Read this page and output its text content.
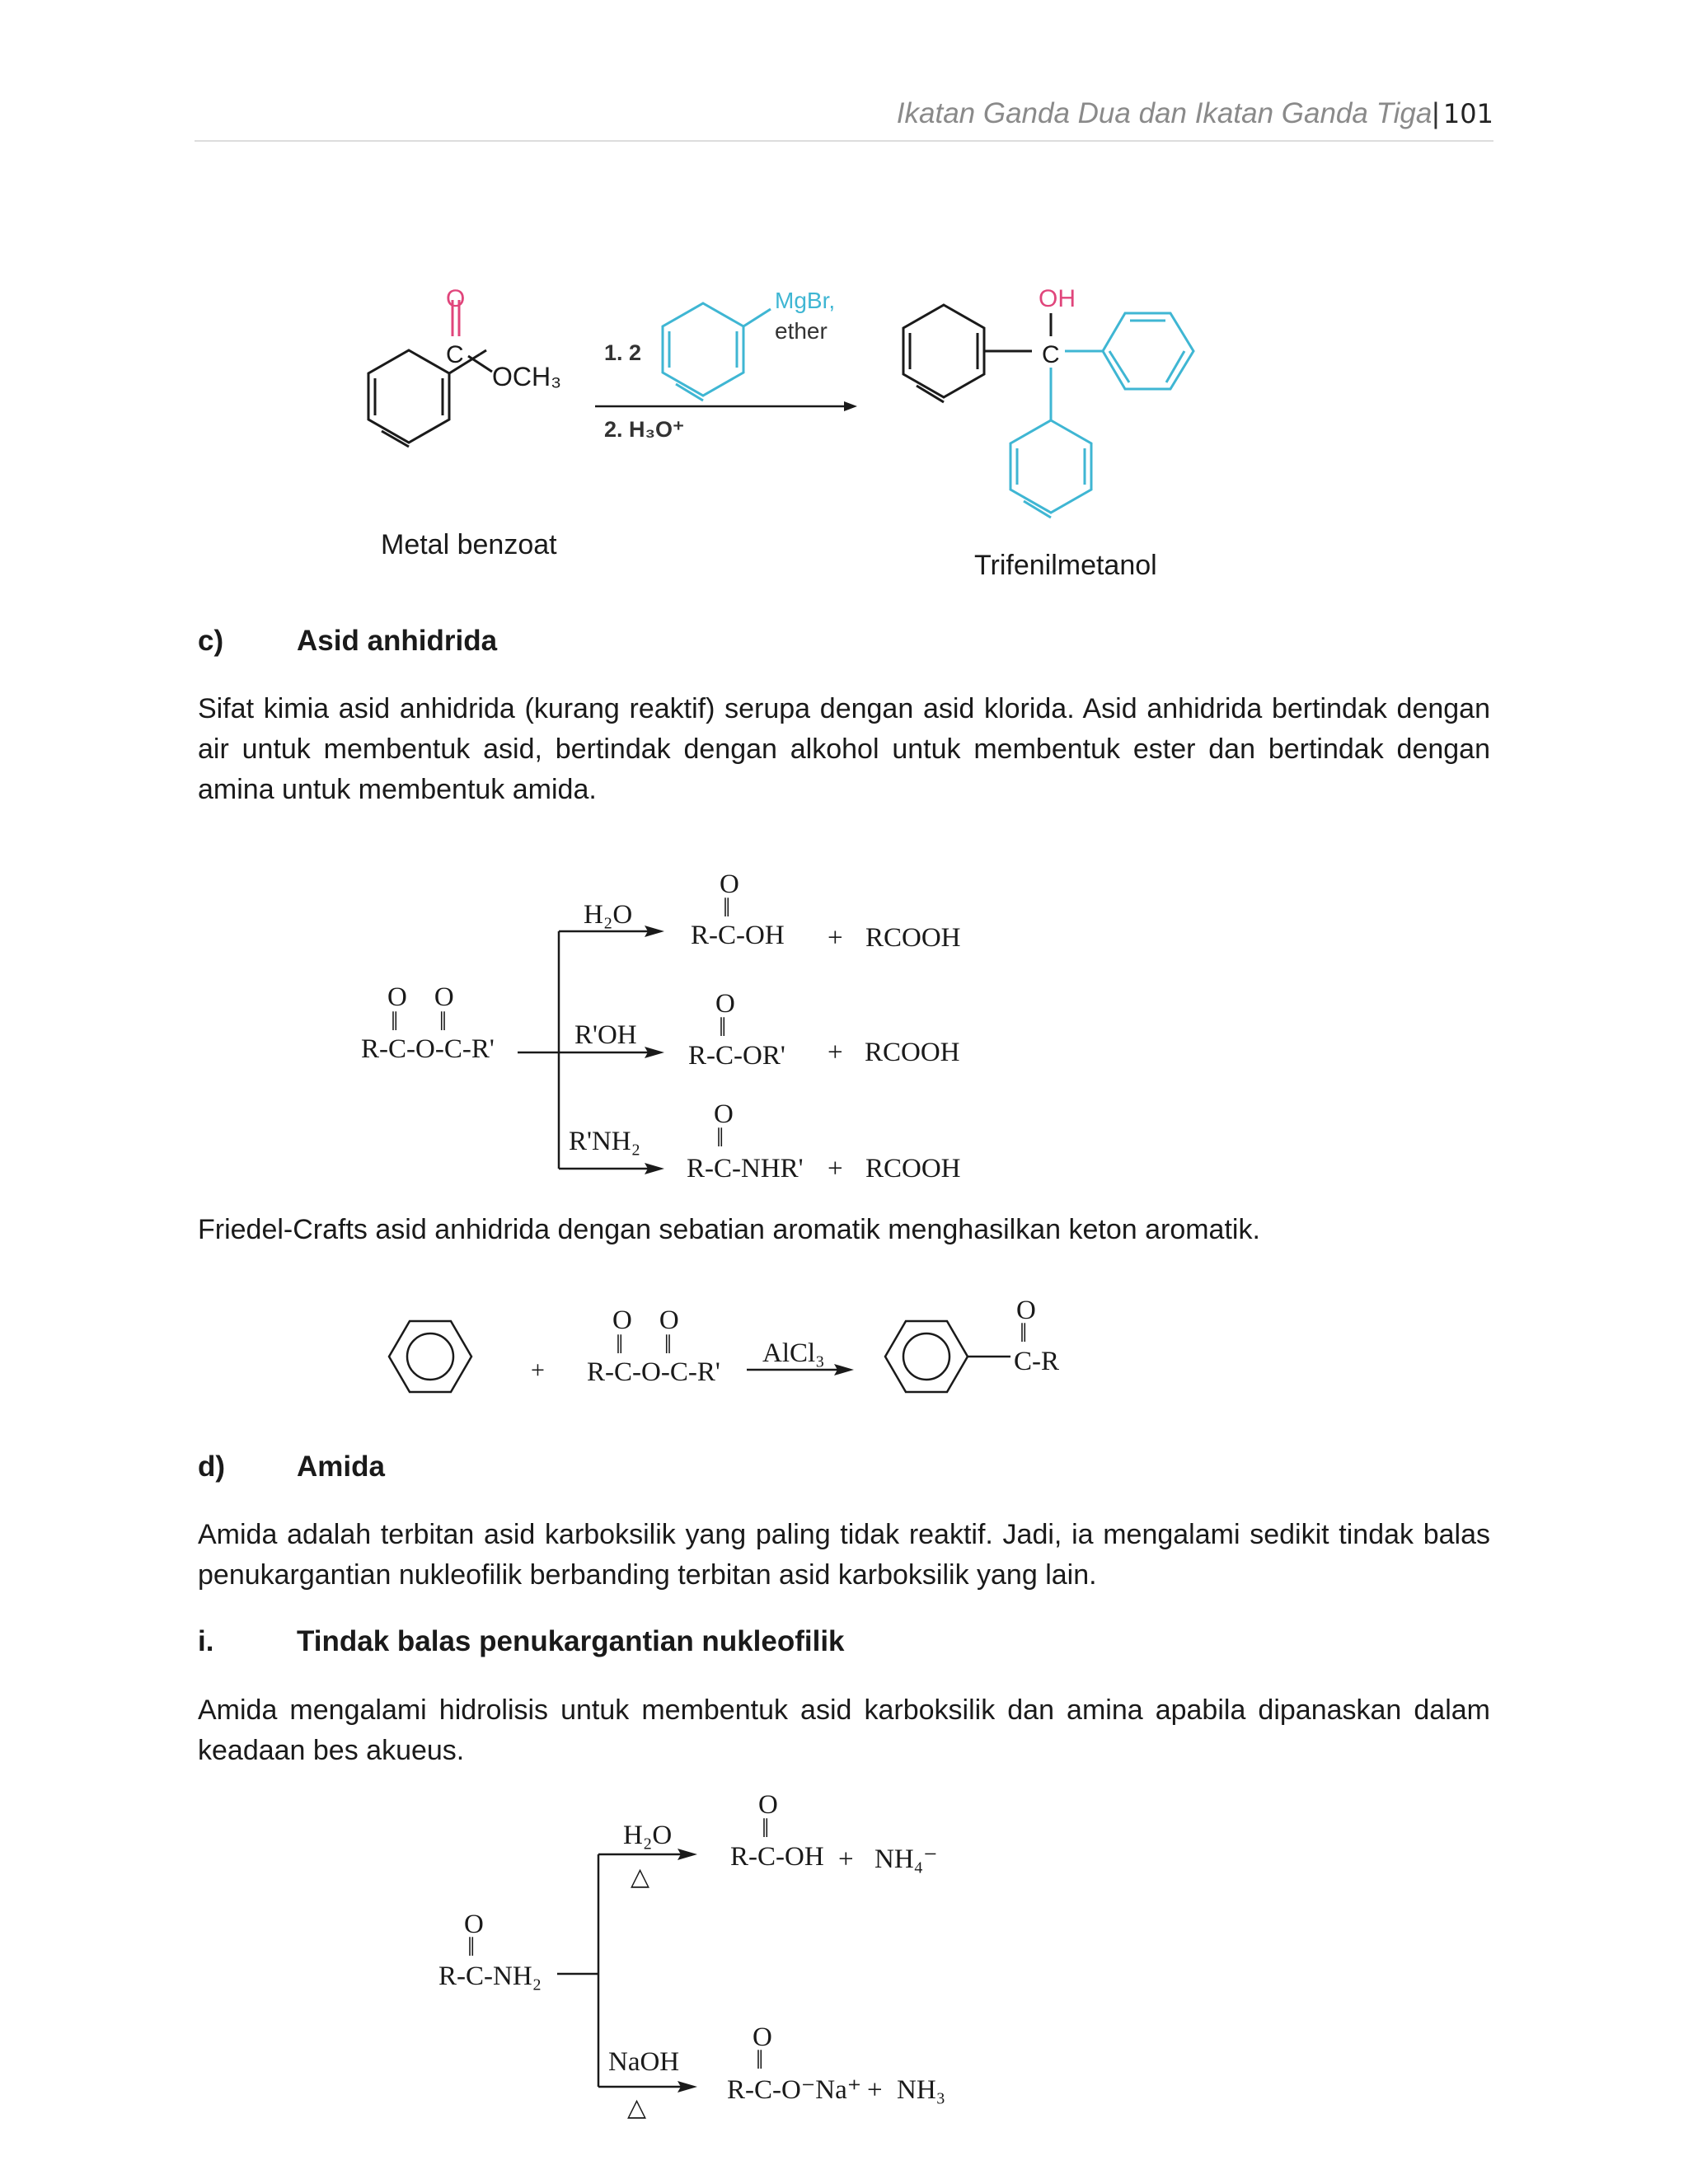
Ikatan Ganda Dua dan Ikatan Ganda Tiga| 101
O
C
OCH₃
1. 2
MgBr,
ether
2. H₃O⁺
OH
C
Metal benzoat
Trifenilmetanol
c)	Asid anhidrida
Sifat kimia asid anhidrida (kurang reaktif) serupa dengan asid klorida. Asid anhidrida bertindak dengan air untuk membentuk asid, bertindak dengan alkohol untuk membentuk ester dan bertindak dengan amina untuk membentuk amida.
O    O
‖      ‖
R-C-O-C-R'
H₂O
O
‖
R-C-OH + RCOOH
R'OH
O
‖
R-C-OR' + RCOOH
R'NH₂
O
‖
R-C-NHR' + RCOOH
Friedel-Crafts asid anhidrida dengan sebatian aromatik menghasilkan keton aromatik.
+
O    O
‖      ‖
R-C-O-C-R'
AlCl₃
O
‖
C-R
d) Amida
Amida adalah terbitan asid karboksilik yang paling tidak reaktif. Jadi, ia mengalami sedikit tindak balas penukargantian nukleofilik berbanding terbitan asid karboksilik yang lain.
i.	Tindak balas penukargantian nukleofilik
Amida mengalami hidrolisis untuk membentuk asid karboksilik dan amina apabila dipanaskan dalam keadaan bes akueus.
O
‖
R-C-NH₂
H₂O
△
O
‖
R-C-OH + NH₄⁻
NaOH
△
O
‖
R-C-O⁻Na⁺ + NH₃
